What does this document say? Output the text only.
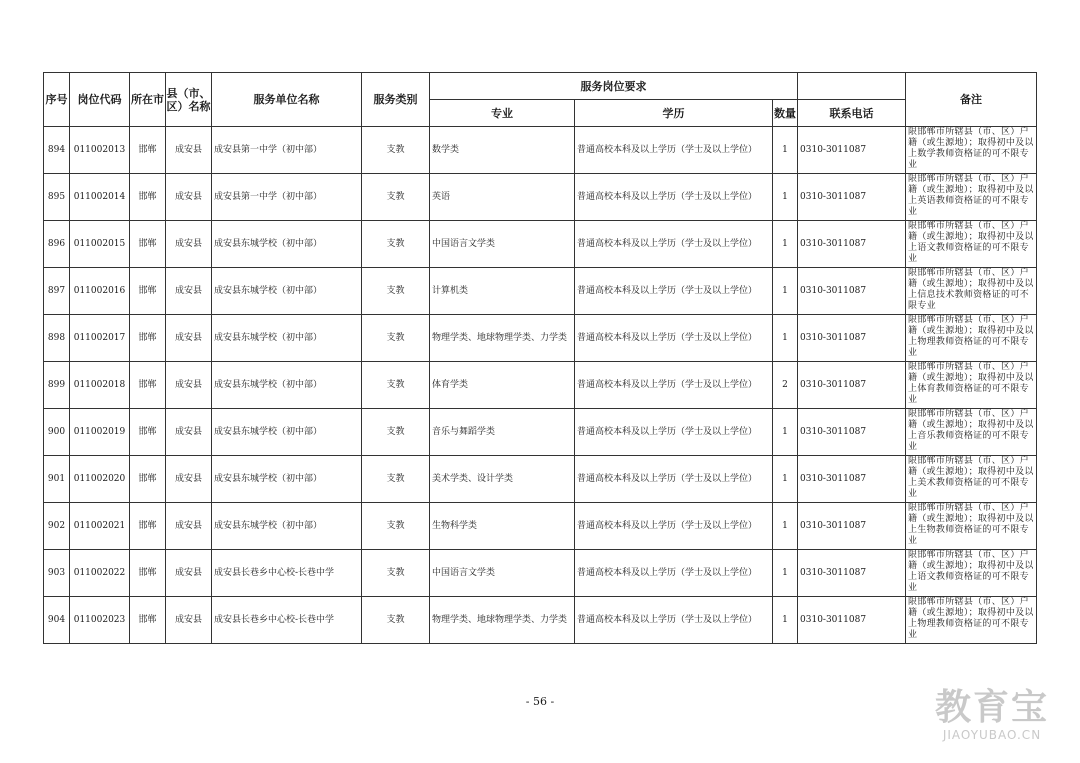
序号	岗位代码	所在市	县（市、区）名称	服务单位名称	服务类别	服务岗位要求				备注
						专业	学历	数量	联系电话	
894	011002013	邯郸	成安县	成安县第一中学（初中部）	支教	数学类	普通高校本科及以上学历（学士及以上学位）	1	0310-3011087	限邯郸市所辖县（市、区）户籍（或生源地）；取得初中及以上数学教师资格证的可不限专业
895	011002014	邯郸	成安县	成安县第一中学（初中部）	支教	英语	普通高校本科及以上学历（学士及以上学位）	1	0310-3011087	限邯郸市所辖县（市、区）户籍（或生源地）；取得初中及以上英语教师资格证的可不限专业
896	011002015	邯郸	成安县	成安县东城学校（初中部）	支教	中国语言文学类	普通高校本科及以上学历（学士及以上学位）	1	0310-3011087	限邯郸市所辖县（市、区）户籍（或生源地）；取得初中及以上语文教师资格证的可不限专业
897	011002016	邯郸	成安县	成安县东城学校（初中部）	支教	计算机类	普通高校本科及以上学历（学士及以上学位）	1	0310-3011087	限邯郸市所辖县（市、区）户籍（或生源地）；取得初中及以上信息技术教师资格证的可不限专业
898	011002017	邯郸	成安县	成安县东城学校（初中部）	支教	物理学类、地球物理学类、力学类	普通高校本科及以上学历（学士及以上学位）	1	0310-3011087	限邯郸市所辖县（市、区）户籍（或生源地）；取得初中及以上物理教师资格证的可不限专业
899	011002018	邯郸	成安县	成安县东城学校（初中部）	支教	体育学类	普通高校本科及以上学历（学士及以上学位）	2	0310-3011087	限邯郸市所辖县（市、区）户籍（或生源地）；取得初中及以上体育教师资格证的可不限专业
900	011002019	邯郸	成安县	成安县东城学校（初中部）	支教	音乐与舞蹈学类	普通高校本科及以上学历（学士及以上学位）	1	0310-3011087	限邯郸市所辖县（市、区）户籍（或生源地）；取得初中及以上音乐教师资格证的可不限专业
901	011002020	邯郸	成安县	成安县东城学校（初中部）	支教	美术学类、设计学类	普通高校本科及以上学历（学士及以上学位）	1	0310-3011087	限邯郸市所辖县（市、区）户籍（或生源地）；取得初中及以上美术教师资格证的可不限专业
902	011002021	邯郸	成安县	成安县东城学校（初中部）	支教	生物科学类	普通高校本科及以上学历（学士及以上学位）	1	0310-3011087	限邯郸市所辖县（市、区）户籍（或生源地）；取得初中及以上生物教师资格证的可不限专业
903	011002022	邯郸	成安县	成安县长巷乡中心校-长巷中学	支教	中国语言文学类	普通高校本科及以上学历（学士及以上学位）	1	0310-3011087	限邯郸市所辖县（市、区）户籍（或生源地）；取得初中及以上语文教师资格证的可不限专业
904	011002023	邯郸	成安县	成安县长巷乡中心校-长巷中学	支教	物理学类、地球物理学类、力学类	普通高校本科及以上学历（学士及以上学位）	1	0310-3011087	限邯郸市所辖县（市、区）户籍（或生源地）；取得初中及以上物理教师资格证的可不限专业
- 56 -	教育宝
JIAOYUBAO.CN
